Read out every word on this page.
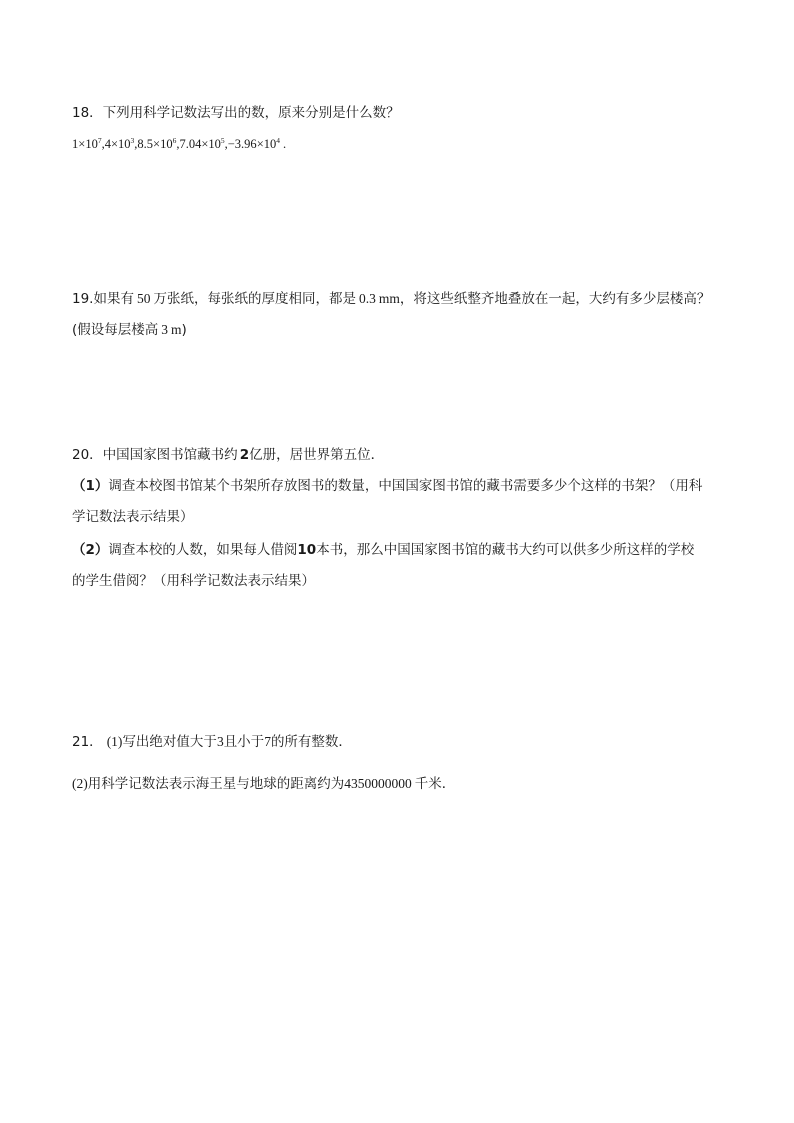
18．下列用科学记数法写出的数，原来分别是什么数？
$1\times 10^7,4\times 10^3,8.5\times 10^6,7.04\times 10^5,-3.96\times 10^4$ .
19.如果有 50 万张纸，每张纸的厚度相同，都是 0.3 mm，将这些纸整齐地叠放在一起，大约有多少层楼高？
(假设每层楼高 3 m)
20．中国国家图书馆藏书约 2亿册，居世界第五位．
（1）调查本校图书馆某个书架所存放图书的数量，中国国家图书馆的藏书需要多少个这样的书架？（用科
学记数法表示结果）
（2）调查本校的人数，如果每人借阅10本书，那么中国国家图书馆的藏书大约可以供多少所这样的学校
的学生借阅？（用科学记数法表示结果）
21． (1)写出绝对值大于3且小于7的所有整数．
(2)用科学记数法表示海王星与地球的距离约为4350000000 千米．
